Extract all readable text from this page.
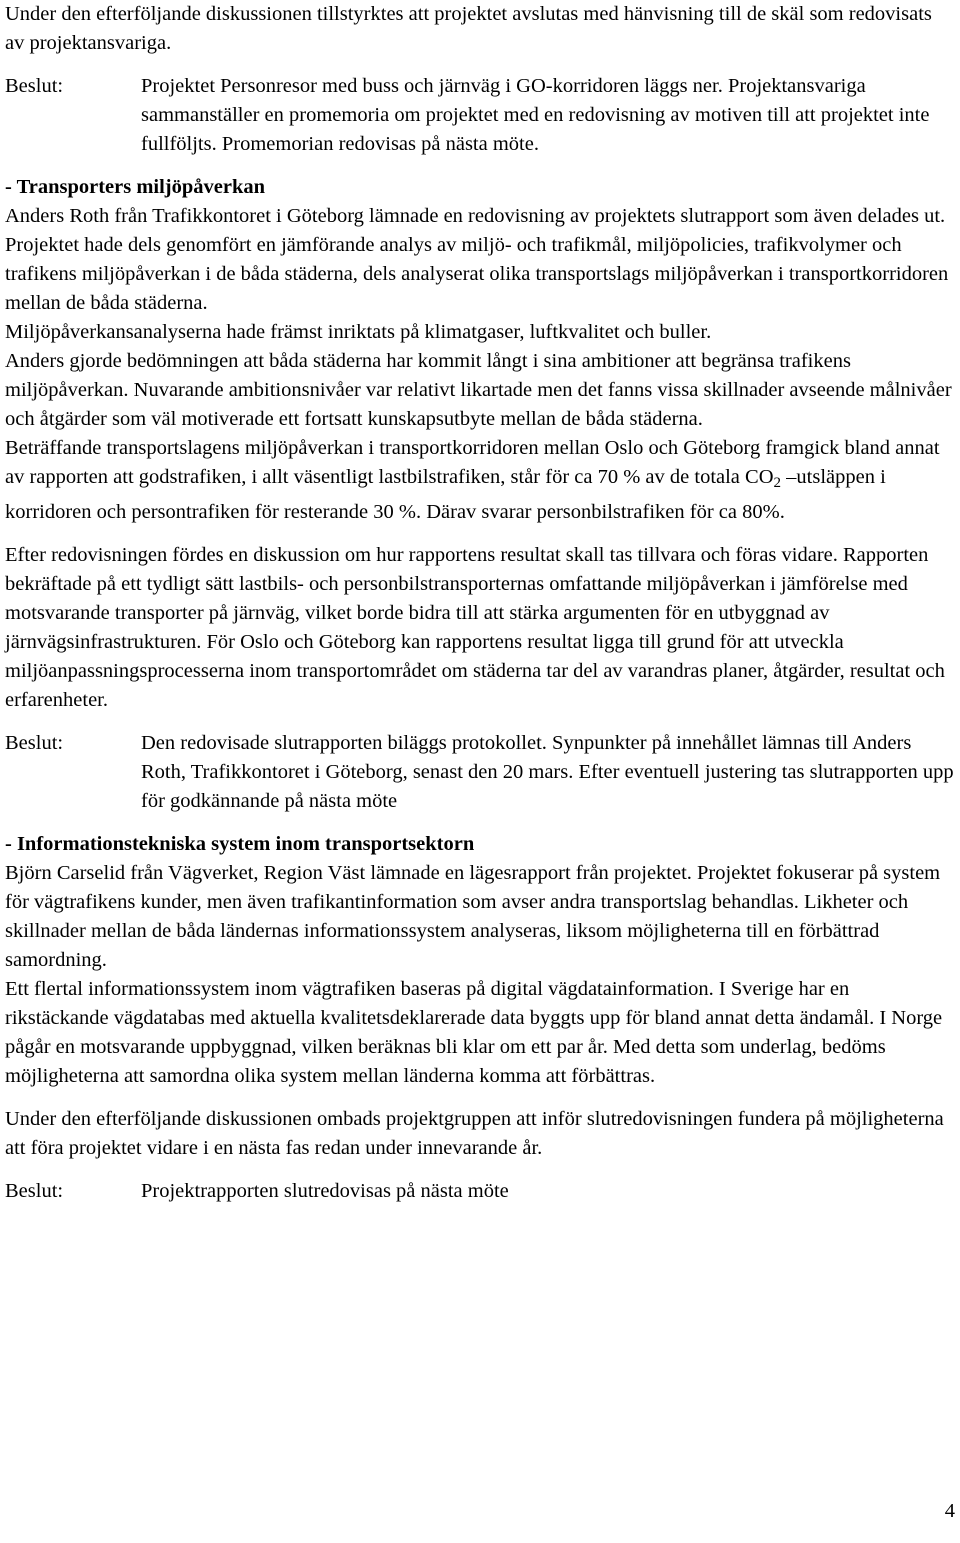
Under den efterföljande diskussionen tillstyrktes att projektet avslutas med hänvisning till de skäl som redovisats av projektansvariga.

Beslut:	Projektet Personresor med buss och järnväg i GO-korridoren läggs ner. Projektansvariga sammanställer en promemoria om projektet med en redovisning av motiven till att projektet inte fullföljts. Promemorian redovisas på nästa möte.

- Transporters miljöpåverkan

Anders Roth från Trafikkontoret i Göteborg lämnade en redovisning av projektets slutrapport som även delades ut. Projektet hade dels genomfört en jämförande analys av miljö- och trafikmål, miljöpolicies, trafikvolymer och trafikens miljöpåverkan i de båda städerna, dels analyserat olika transportslags miljöpåverkan i transportkorridoren mellan de båda städerna.

Miljöpåverkansanalyserna hade främst inriktats på klimatgaser, luftkvalitet och buller.

Anders gjorde bedömningen att båda städerna har kommit långt i sina ambitioner att begränsa trafikens miljöpåverkan. Nuvarande ambitionsnivåer var relativt likartade men det fanns vissa skillnader avseende målnivåer och åtgärder som väl motiverade ett fortsatt kunskapsutbyte mellan de båda städerna.

Beträffande transportslagens miljöpåverkan i transportkorridoren mellan Oslo och Göteborg framgick bland annat av rapporten att godstrafiken, i allt väsentligt lastbilstrafiken, står för ca 70 % av de totala $CO_2$ –utsläppen i korridoren och persontrafiken för resterande 30 %. Därav svarar personbilstrafiken för ca 80%.

Efter redovisningen fördes en diskussion om hur rapportens resultat skall tas tillvara och föras vidare. Rapporten bekräftade på ett tydligt sätt lastbils- och personbilstransporternas omfattande miljöpåverkan i jämförelse med motsvarande transporter på järnväg, vilket borde bidra till att stärka argumenten för en utbyggnad av järnvägsinfrastrukturen. För Oslo och Göteborg kan rapportens resultat ligga till grund för att utveckla miljöanpassningsprocesserna inom transportområdet om städerna tar del av varandras planer, åtgärder, resultat och erfarenheter.

Beslut:	Den redovisade slutrapporten biläggs protokollet. Synpunkter på innehållet lämnas till Anders Roth, Trafikkontoret i Göteborg, senast den 20 mars. Efter eventuell justering tas slutrapporten upp för godkännande på nästa möte

- Informationstekniska system inom transportsektorn

Björn Carselid från Vägverket, Region Väst lämnade en lägesrapport från projektet. Projektet fokuserar på system för vägtrafikens kunder, men även trafikantinformation som avser andra transportslag behandlas. Likheter och skillnader mellan de båda ländernas informationssystem analyseras, liksom möjligheterna till en förbättrad samordning.

Ett flertal informationssystem inom vägtrafiken baseras på digital vägdatainformation. I Sverige har en rikstäckande vägdatabas med aktuella kvalitetsdeklarerade data byggts upp för bland annat detta ändamål. I Norge pågår en motsvarande uppbyggnad, vilken beräknas bli klar om ett par år. Med detta som underlag, bedöms möjligheterna att samordna olika system mellan länderna komma att förbättras.

Under den efterföljande diskussionen ombads projektgruppen att inför slutredovisningen fundera på möjligheterna att föra projektet vidare i en nästa fas redan under innevarande år.

Beslut:	Projektrapporten slutredovisas på nästa möte
4
